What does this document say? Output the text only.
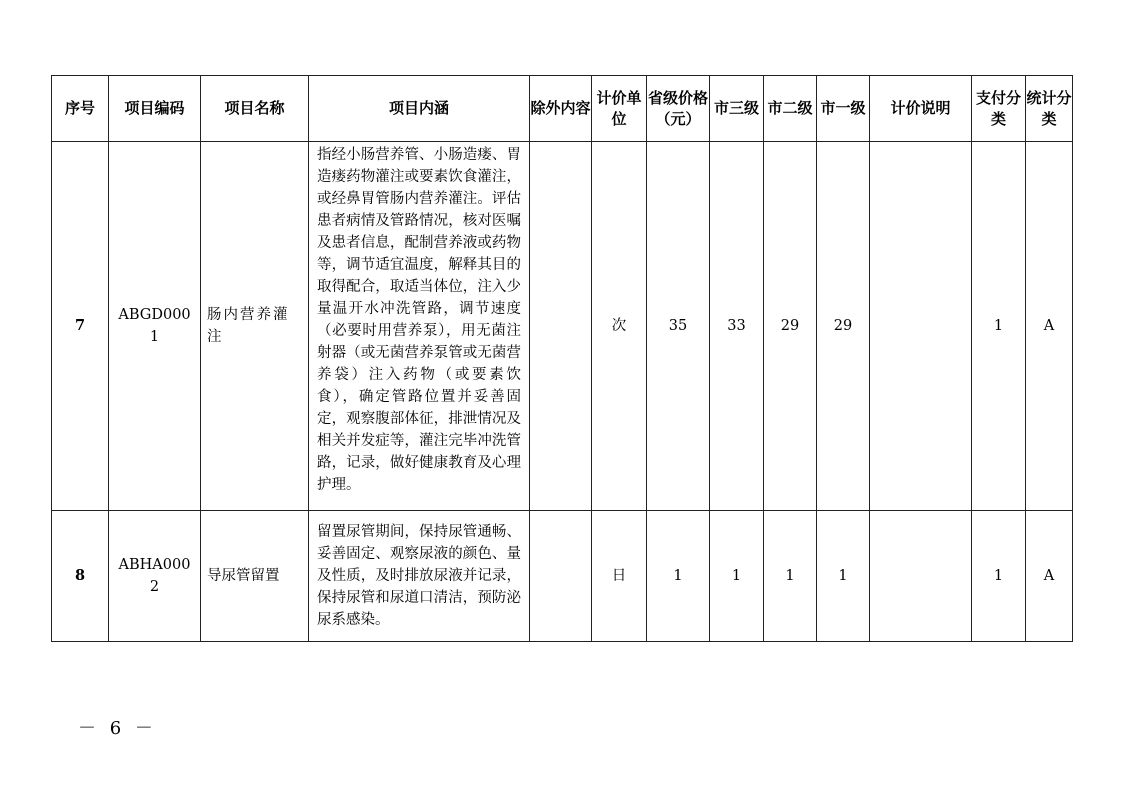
序号	项目编码	项目名称	项目内涵	除外内容	计价单位	省级价格（元）	市三级	市二级	市一级	计价说明	支付分类	统计分类
7	ABGD0001	肠内营养灌注	指经小肠营养管、小肠造瘘、胃造瘘药物灌注或要素饮食灌注，或经鼻胃管肠内营养灌注。评估患者病情及管路情况，核对医嘱及患者信息，配制营养液或药物等，调节适宜温度，解释其目的取得配合，取适当体位，注入少量温开水冲洗管路，调节速度（必要时用营养泵），用无菌注射器（或无菌营养泵管或无菌营养袋）注入药物（或要素饮食），确定管路位置并妥善固定，观察腹部体征，排泄情况及相关并发症等，灌注完毕冲洗管路，记录，做好健康教育及心理护理。		次	35	33	29	29		1	A
8	ABHA0002	导尿管留置	留置尿管期间，保持尿管通畅、妥善固定、观察尿液的颜色、量及性质，及时排放尿液并记录，保持尿管和尿道口清洁，预防泌尿系感染。		日	1	1	1	1		1	A
－ 6 －
